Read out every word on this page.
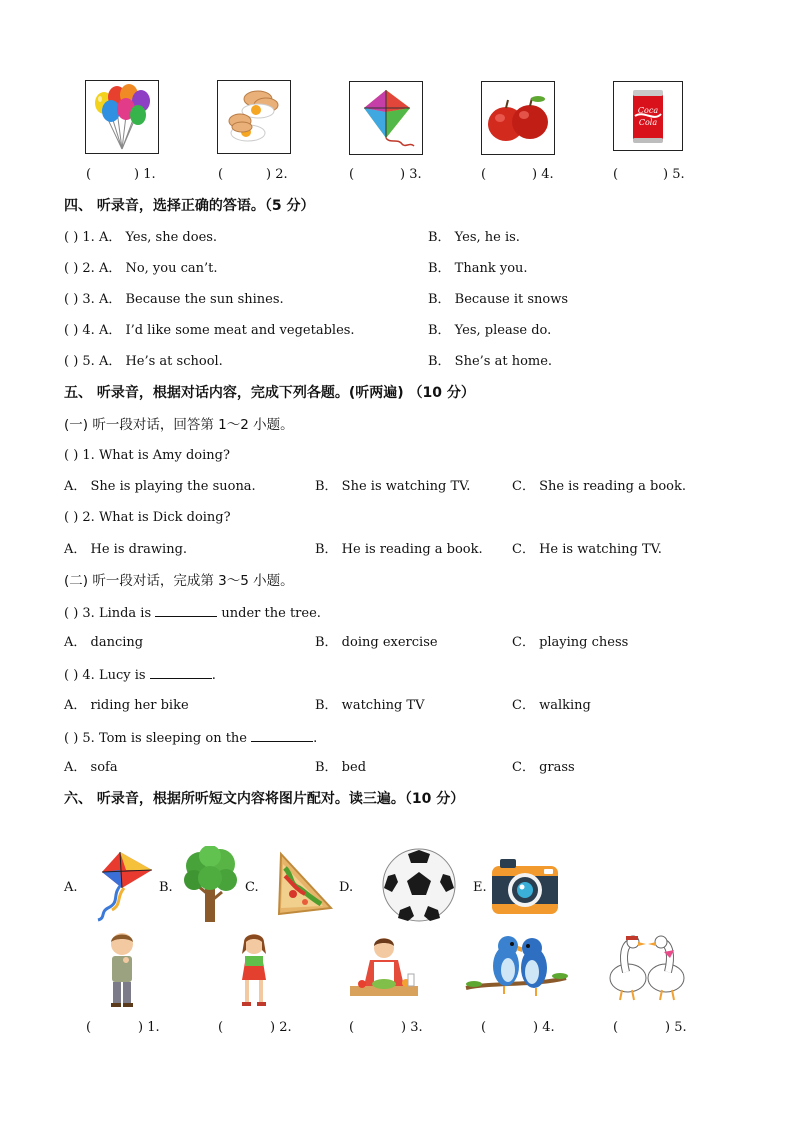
Coca
Cola
(	) 1.	(	) 2.	(	) 3.	(	) 4.	(	) 5.
四、 听录音，选择正确的答语。（5 分）
( ) 1. A． Yes, she does.	B． Yes, he is.
( ) 2. A． No, you can’t.	B． Thank you.
( ) 3. A． Because the sun shines.	B． Because it snows
( ) 4. A． I’d like some meat and vegetables.	B． Yes, please do.
( ) 5. A． He’s at school.	B． She’s at home.
五、 听录音，根据对话内容，完成下列各题。(听两遍) （10 分）
(一) 听一段对话，回答第 1～2 小题。
( ) 1. What is Amy doing?
A． She is playing the suona.	B． She is watching TV.	C． She is reading a book.
( ) 2. What is Dick doing?
A． He is drawing.	B． He is reading a book. C． He is watching TV.
(二) 听一段对话，完成第 3～5 小题。
( ) 3. Linda is	under the tree.
A． dancing	B． doing exercise	C． playing chess
( ) 4. Lucy is	.
A． riding her bike	B． watching TV	C． walking
( ) 5. Tom is sleeping on the	.
A． sofa	B． bed	C． grass
六、 听录音，根据所听短文内容将图片配对。读三遍。（10 分）
A.	B.	C.	D.	E.
(	) 1.	(	) 2.	(	) 3.	(	) 4.	(	) 5.
